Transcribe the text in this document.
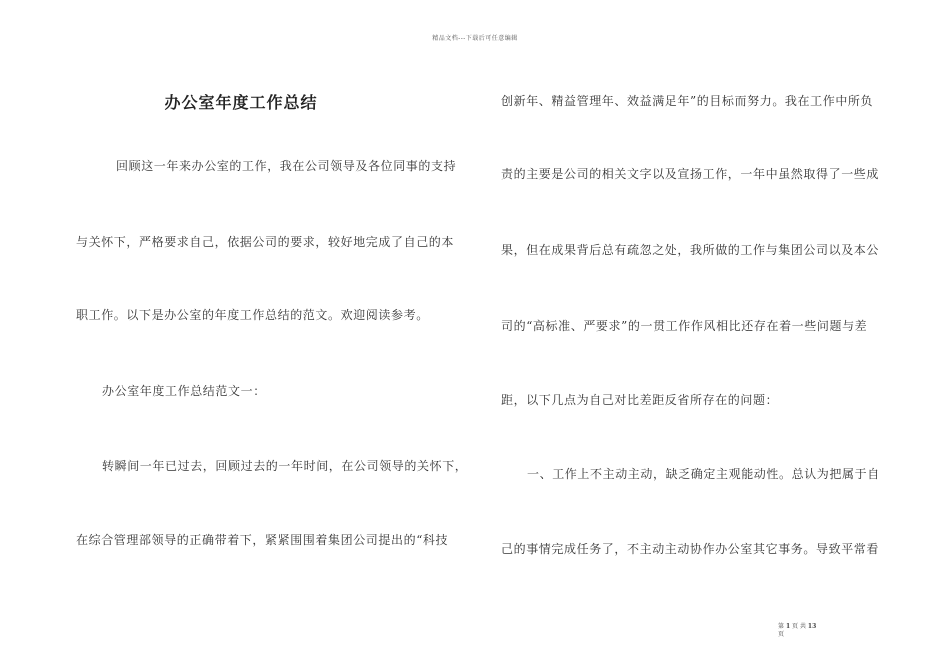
精品文档---下载后可任意编辑
办公室年度工作总结
回顾这一年来办公室的工作，我在公司领导及各位同事的支持
与关怀下，严格要求自己，依据公司的要求，较好地完成了自己的本
职工作。以下是办公室的年度工作总结的范文。欢迎阅读参考。
办公室年度工作总结范文一：
转瞬间一年已过去，回顾过去的一年时间，在公司领导的关怀下，
在综合管理部领导的正确带着下，紧紧围围着集团公司提出的“科技
创新年、精益管理年、效益满足年”的目标而努力。我在工作中所负
责的主要是公司的相关文字以及宣扬工作，一年中虽然取得了一些成
果，但在成果背后总有疏忽之处，我所做的工作与集团公司以及本公
司的“高标准、严要求”的一贯工作作风相比还存在着一些问题与差
距，以下几点为自己对比差距反省所存在的问题：
一、工作上不主动主动，缺乏确定主观能动性。总认为把属于自
己的事情完成任务了，不主动主动协作办公室其它事务。导致平常看
第 1 页 共 13
页
